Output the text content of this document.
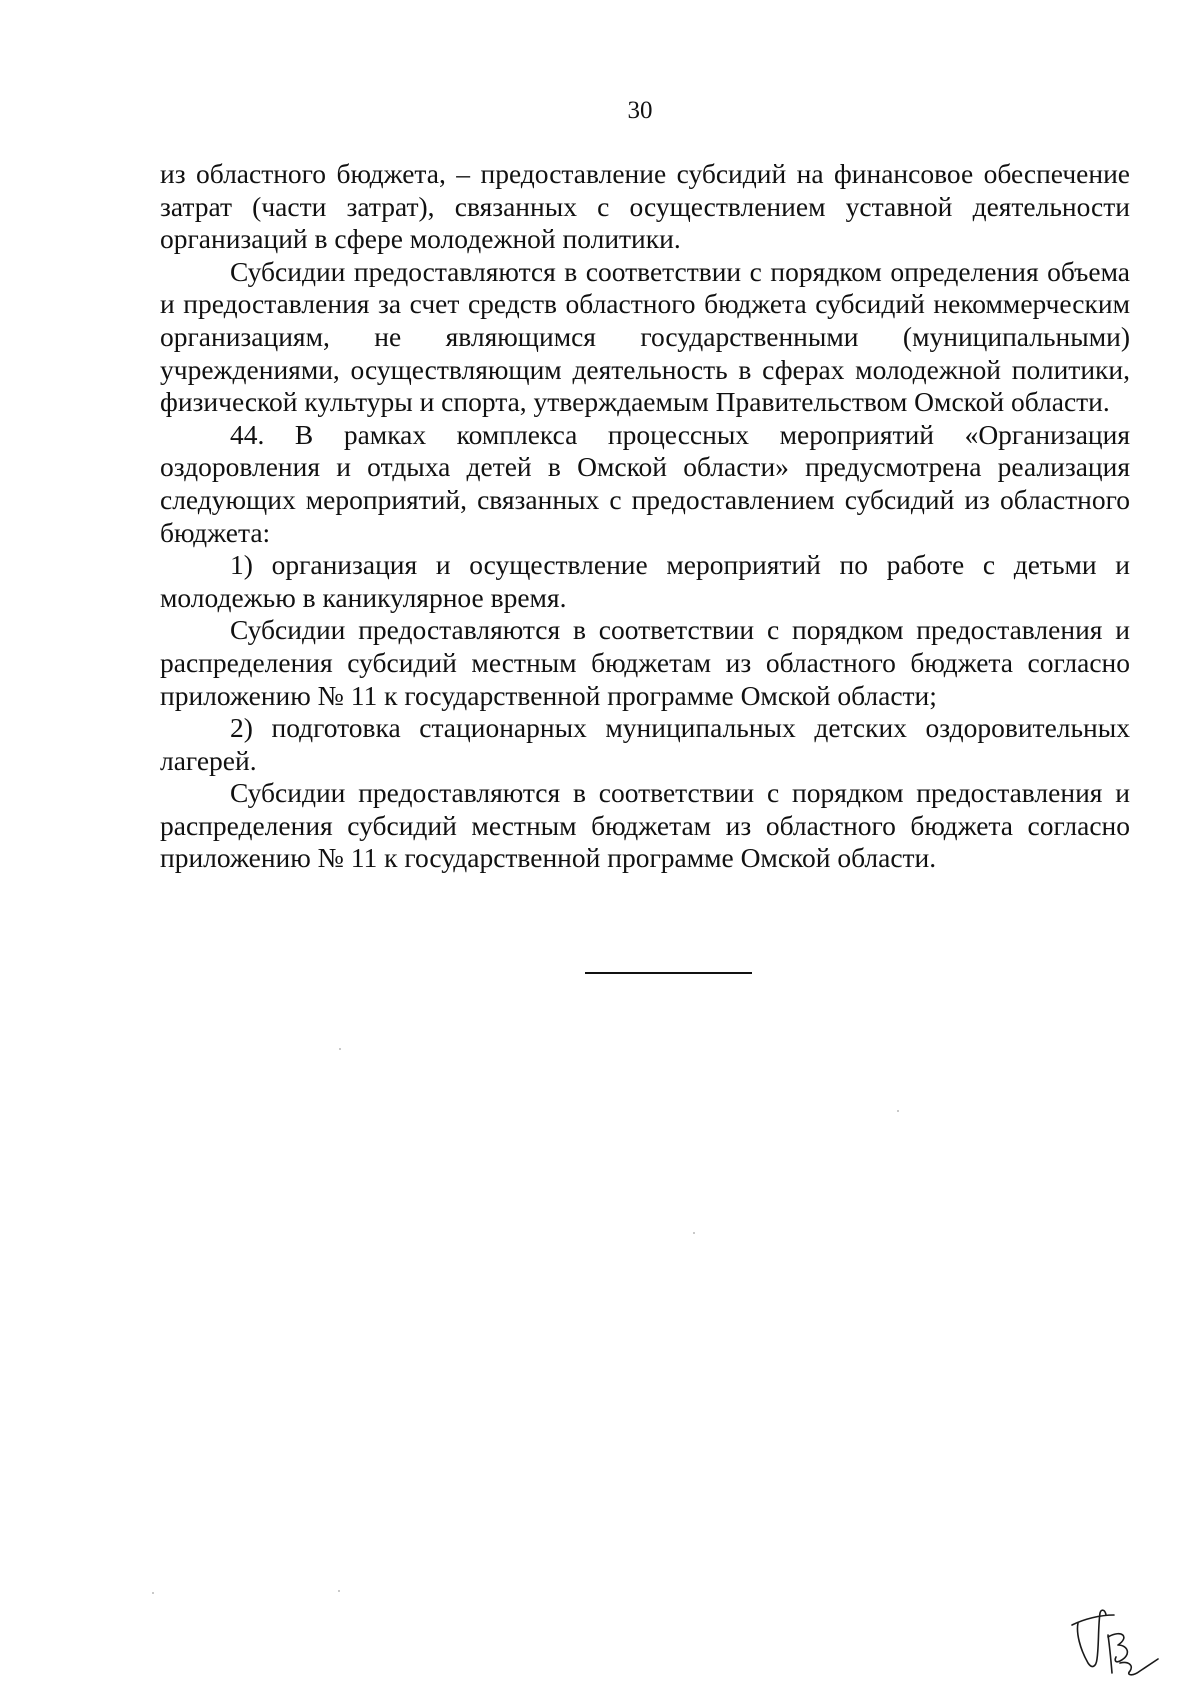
30

из областного бюджета, – предоставление субсидий на финансовое обеспечение затрат (части затрат), связанных с осуществлением уставной деятельности организаций в сфере молодежной политики.

Субсидии предоставляются в соответствии с порядком определения объема и предоставления за счет средств областного бюджета субсидий некоммерческим организациям, не являющимся государственными (муниципальными) учреждениями, осуществляющим деятельность в сферах молодежной политики, физической культуры и спорта, утверждаемым Правительством Омской области.

44. В рамках комплекса процессных мероприятий «Организация оздоровления и отдыха детей в Омской области» предусмотрена реализация следующих мероприятий, связанных с предоставлением субсидий из областного бюджета:

1) организация и осуществление мероприятий по работе с детьми и молодежью в каникулярное время.

Субсидии предоставляются в соответствии с порядком предоставления и распределения субсидий местным бюджетам из областного бюджета согласно приложению № 11 к государственной программе Омской области;

2) подготовка стационарных муниципальных детских оздоровительных лагерей.

Субсидии предоставляются в соответствии с порядком предоставления и распределения субсидий местным бюджетам из областного бюджета согласно приложению № 11 к государственной программе Омской области.
